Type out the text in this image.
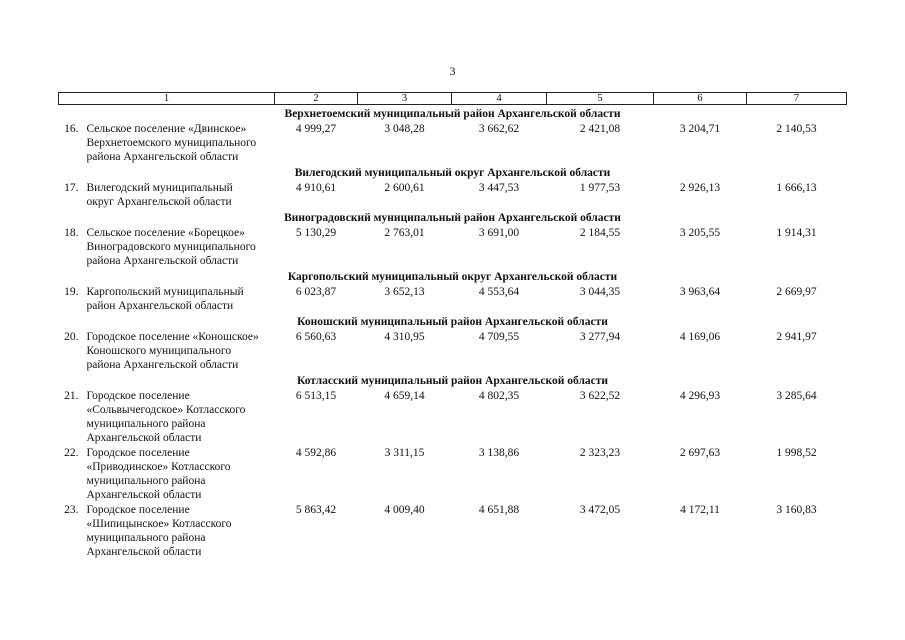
3
1		2	3	4	5	6	7
Верхнетоемский муниципальный район Архангельской области							
16.	Сельское поселение «Двинское»
Верхнетоемского муниципального
района Архангельской области	4 999,27	3 048,28	3 662,62	2 421,08	3 204,71	2 140,53
Вилегодский муниципальный округ Архангельской области							
17.	Вилегодский муниципальный
округ Архангельской области	4 910,61	2 600,61	3 447,53	1 977,53	2 926,13	1 666,13
Виноградовский муниципальный район Архангельской области							
18.	Сельское поселение «Борецкое»
Виноградовского муниципального
района Архангельской области	5 130,29	2 763,01	3 691,00	2 184,55	3 205,55	1 914,31
Каргопольский муниципальный округ Архангельской области							
19.	Каргопольский муниципальный
район Архангельской области	6 023,87	3 652,13	4 553,64	3 044,35	3 963,64	2 669,97
Коношский муниципальный район Архангельской области							
20.	Городское поселение «Коношское»
Коношского муниципального
района Архангельской области	6 560,63	4 310,95	4 709,55	3 277,94	4 169,06	2 941,97
Котласский муниципальный район Архангельской области							
21.	Городское поселение
«Сольвычегодское» Котласского
муниципального района
Архангельской области	6 513,15	4 659,14	4 802,35	3 622,52	4 296,93	3 285,64
22.	Городское поселение
«Приводинское» Котласского
муниципального района
Архангельской области	4 592,86	3 311,15	3 138,86	2 323,23	2 697,63	1 998,52
23.	Городское поселение
«Шипицынское» Котласского
муниципального района
Архангельской области	5 863,42	4 009,40	4 651,88	3 472,05	4 172,11	3 160,83
